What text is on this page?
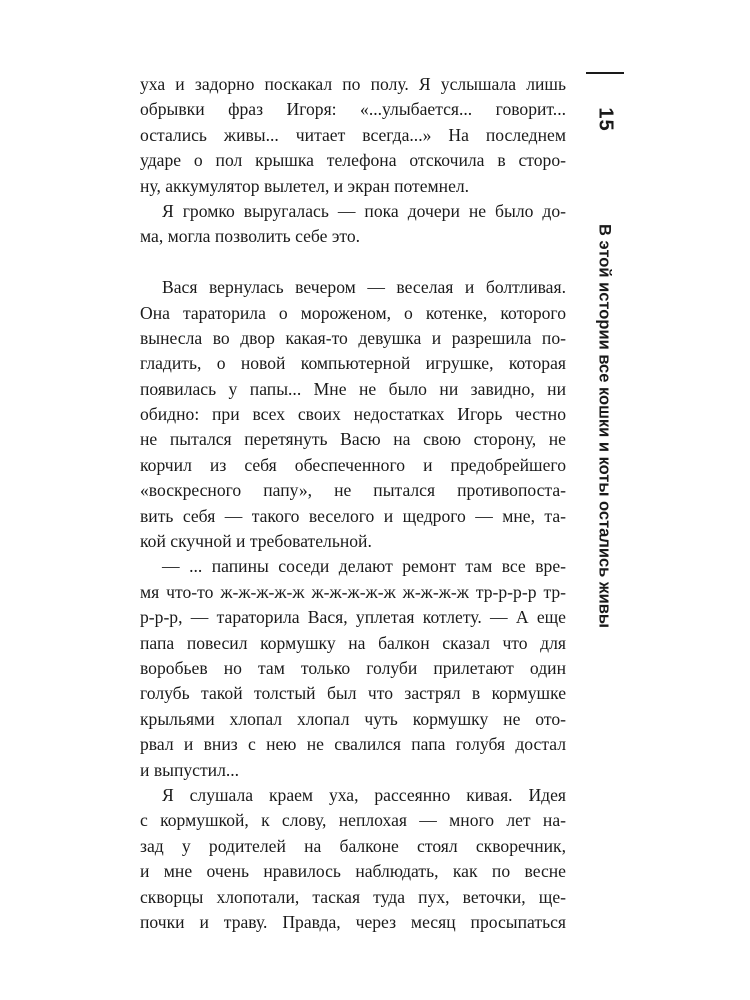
15
В этой истории все кошки и коты остались живы
уха и задорно поскакал по полу. Я услышала лишь
обрывки фраз Игоря: «...улыбается... говорит...
остались живы... читает всегда...» На последнем
ударе о пол крышка телефона отскочила в сторо-
ну, аккумулятор вылетел, и экран потемнел.
Я громко выругалась — пока дочери не было до-
ма, могла позволить себе это.
Вася вернулась вечером — веселая и болтливая.
Она тараторила о мороженом, о котенке, которого
вынесла во двор какая-то девушка и разрешила по-
гладить, о новой компьютерной игрушке, которая
появилась у папы... Мне не было ни завидно, ни
обидно: при всех своих недостатках Игорь честно
не пытался перетянуть Васю на свою сторону, не
корчил из себя обеспеченного и предобрейшего
«воскресного папу», не пытался противопоста-
вить себя — такого веселого и щедрого — мне, та-
кой скучной и требовательной.
— ... папины соседи делают ремонт там все вре-
мя что-то ж-ж-ж-ж-ж ж-ж-ж-ж-ж ж-ж-ж-ж тр-р-р-р тр-
р-р-р, — тараторила Вася, уплетая котлету. — А еще
папа повесил кормушку на балкон сказал что для
воробьев но там только голуби прилетают один
голубь такой толстый был что застрял в кормушке
крыльями хлопал хлопал чуть кормушку не ото-
рвал и вниз с нею не свалился папа голубя достал
и выпустил...
Я слушала краем уха, рассеянно кивая. Идея
с кормушкой, к слову, неплохая — много лет на-
зад у родителей на балконе стоял скворечник,
и мне очень нравилось наблюдать, как по весне
скворцы хлопотали, таская туда пух, веточки, ще-
почки и траву. Правда, через месяц просыпаться
